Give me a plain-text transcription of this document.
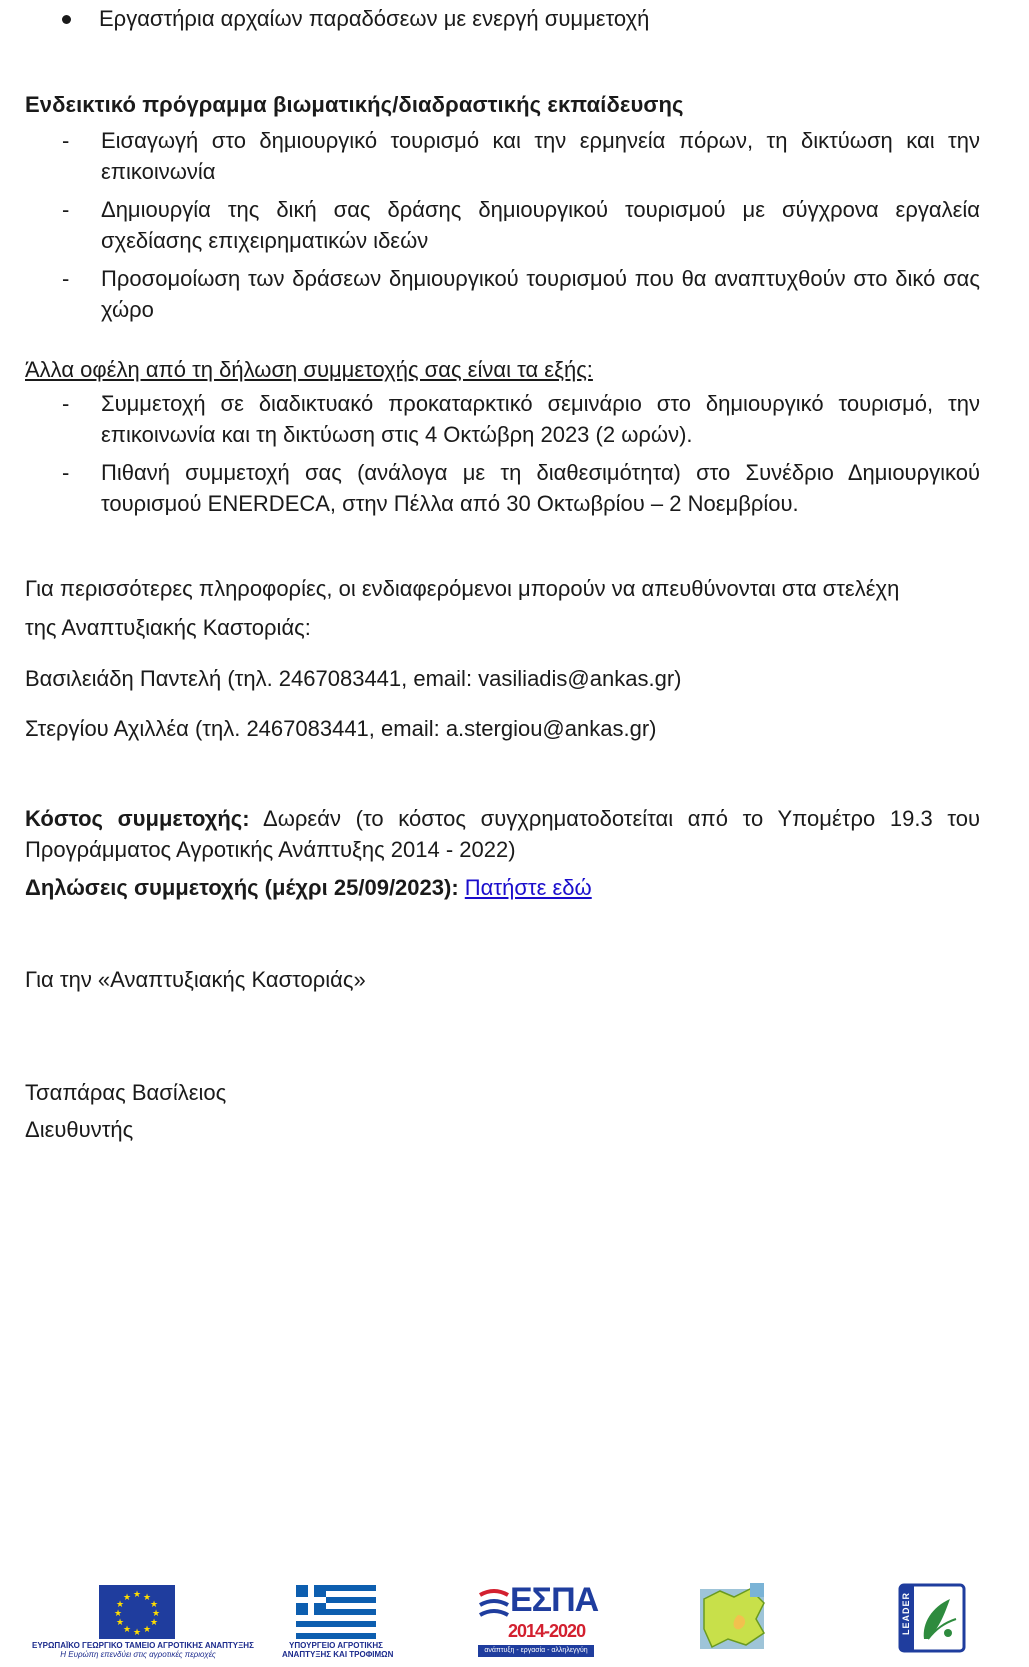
Εργαστήρια αρχαίων παραδόσεων με ενεργή συμμετοχή
Ενδεικτικό πρόγραμμα βιωματικής/διαδραστικής εκπαίδευσης
-	Εισαγωγή στο δημιουργικό τουρισμό και την ερμηνεία πόρων, τη δικτύωση και την επικοινωνία
-	Δημιουργία της δική σας δράσης δημιουργικού τουρισμού με σύγχρονα εργαλεία σχεδίασης επιχειρηματικών ιδεών
-	Προσομοίωση των δράσεων δημιουργικού τουρισμού που θα αναπτυχθούν στο δικό σας χώρο
Άλλα οφέλη από τη δήλωση συμμετοχής σας είναι τα εξής:
-	Συμμετοχή σε διαδικτυακό προκαταρκτικό σεμινάριο στο δημιουργικό τουρισμό, την επικοινωνία και τη δικτύωση στις 4 Οκτώβρη 2023 (2 ωρών).
-	Πιθανή συμμετοχή σας (ανάλογα με τη διαθεσιμότητα) στο Συνέδριο Δημιουργικού τουρισμού ENERDECA, στην Πέλλα από 30 Οκτωβρίου – 2 Νοεμβρίου.
Για περισσότερες πληροφορίες, οι ενδιαφερόμενοι μπορούν να απευθύνονται στα στελέχη
της Αναπτυξιακής Καστοριάς:
Βασιλειάδη Παντελή (τηλ. 2467083441, email: vasiliadis@ankas.gr)
Στεργίου Αχιλλέα (τηλ. 2467083441, email: a.stergiou@ankas.gr)
Κόστος συμμετοχής: Δωρεάν (το κόστος συγχρηματοδοτείται από το Υπομέτρο 19.3 του Προγράμματος Αγροτικής Ανάπτυξης 2014 - 2022)
Δηλώσεις συμμετοχής (μέχρι 25/09/2023): Πατήστε εδώ
Για την «Αναπτυξιακής Καστοριάς»
Τσαπάρας Βασίλειος
Διευθυντής
★ ★
★
★
★
★
★
★
★
★
★
★
ΕΥΡΩΠΑΪΚΟ ΓΕΩΡΓΙΚΟ ΤΑΜΕΙΟ ΑΓΡΟΤΙΚΗΣ ΑΝΑΠΤΥΞΗΣ
Η Ευρώπη επενδύει στις αγροτικές περιοχές
ΥΠΟΥΡΓΕΙΟ ΑΓΡΟΤΙΚΗΣ
ΑΝΑΠΤΥΞΗΣ ΚΑΙ ΤΡΟΦΙΜΩΝ
ΕΣΠΑ
2014-2020
ανάπτυξη - εργασία - αλληλεγγύη
LEADER
